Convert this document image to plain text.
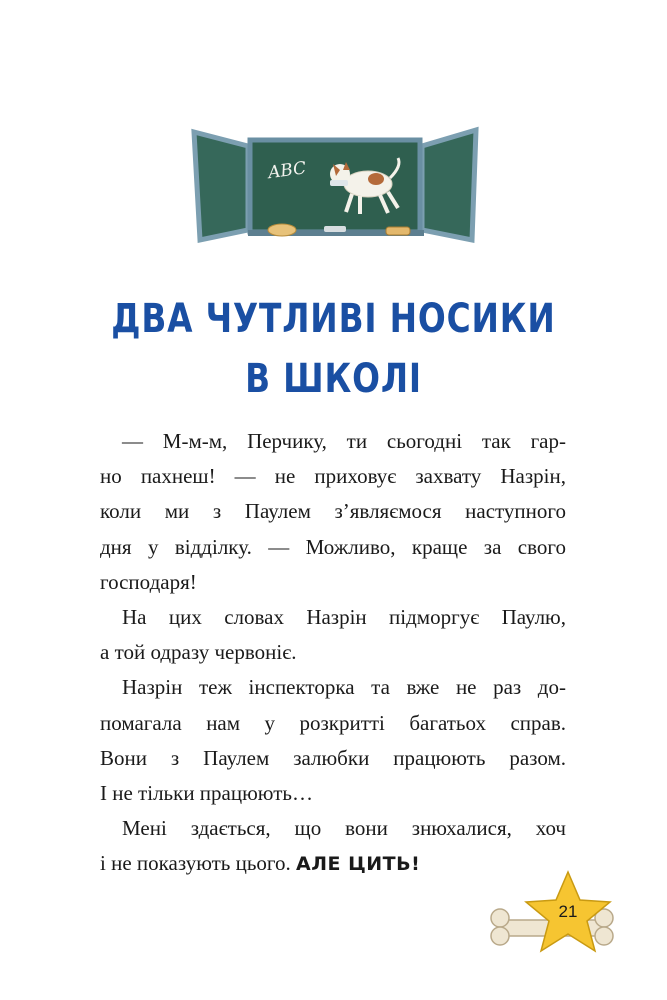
ABC
ДВА ЧУТЛИВІ НОСИКИ
В ШКОЛІ
— М-м-м, Перчику, ти сьогодні так гар-
но пахнеш! — не приховує захвату Назрін,
коли ми з Паулем з’являємося наступного
дня у відділку. — Можливо, краще за свого
господаря!
На цих словах Назрін підморгує Паулю,
а той одразу червоніє.
Назрін теж інспекторка та вже не раз до-
помагала нам у розкритті багатьох справ.
Вони з Паулем залюбки працюють разом.
І не тільки працюють…
Мені здається, що вони знюхалися, хоч
і не показують цього. АЛЕ ЦИТЬ!
21
